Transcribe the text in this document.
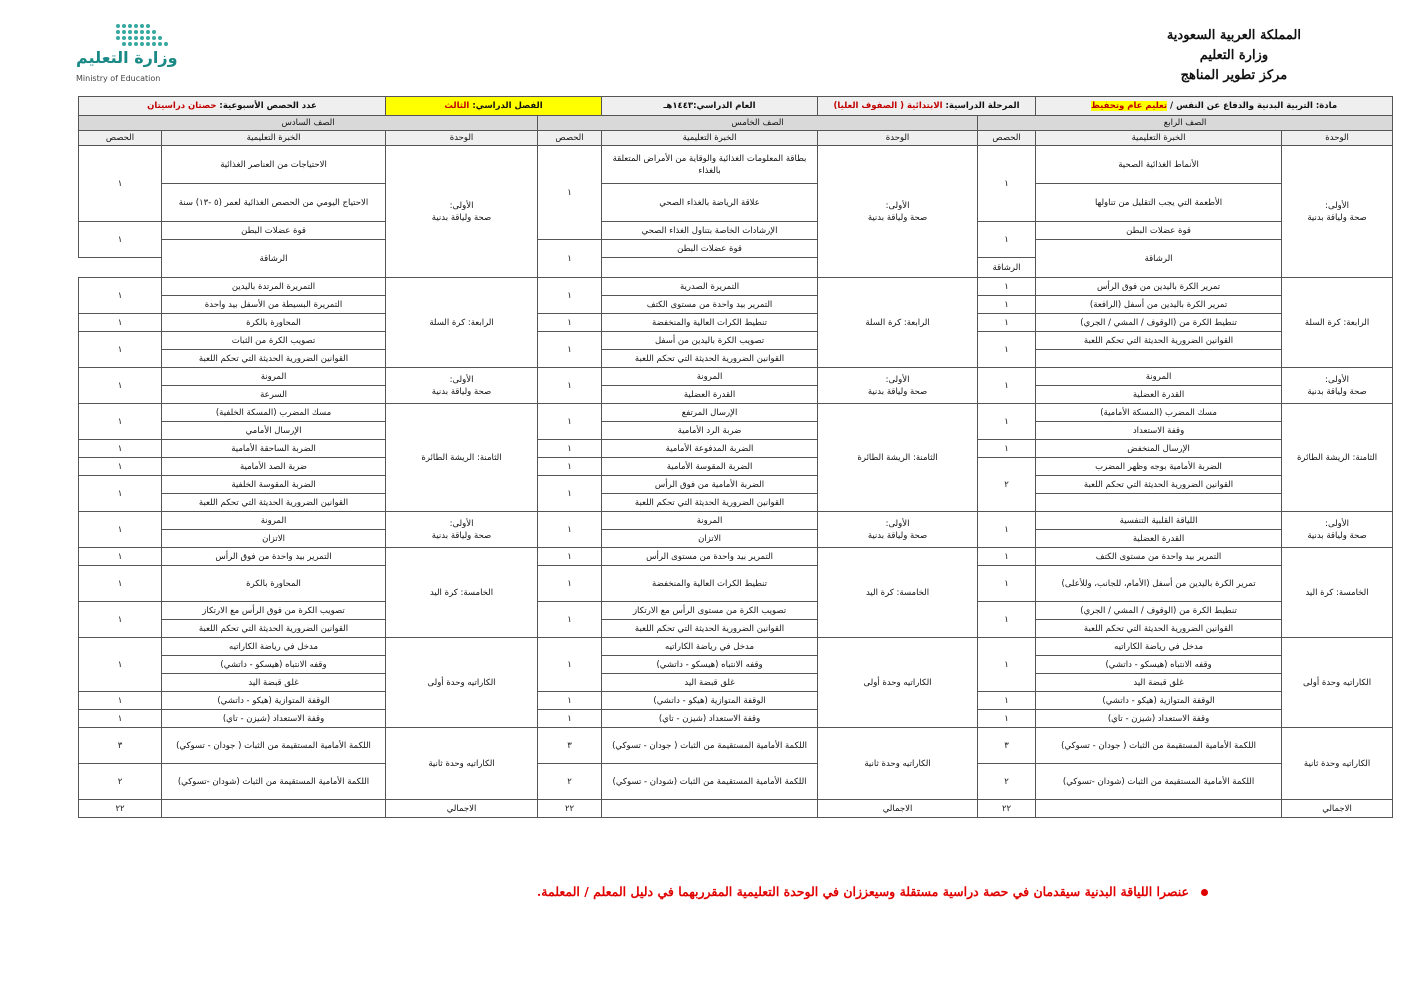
المملكة العربية السعودية
وزارة التعليم
مركز تطوير المناهج
وزارة التعليم
Ministry of Education
مادة: التربية البدنية والدفاع عن النفس / تعليم عام وتحفيظ		المرحلة الدراسية: الابتدائية ( الصفوف العليا)		العام الدراسي:١٤٤٣هـ	الفصل الدراسي: الثالث		عدد الحصص الأسبوعية: حصتان دراسيتان	
الصف الرابع			الصف الخامس			الصف السادس		
الوحدة	الخبرة التعليمية	الحصص	الوحدة	الخبرة التعليمية	الحصص	الوحدة	الخبرة التعليمية	الحصص
الأولى:
صحة ولياقة بدنية	الأنماط الغذائية الصحية	١	الأولى:
صحة ولياقة بدنية	بطاقة المعلومات الغذائية والوقاية من الأمراض المتعلقة بالغذاء	١	الأولى:
صحة ولياقة بدنية	الاحتياجات من العناصر الغذائية	١
	الأطعمة التي يجب التقليل من تناولها			علاقة الرياضة بالغذاء الصحي			الاحتياج اليومي من الحصص الغذائية لعمر (٥ -١٣) سنة	
	قوة عضلات البطن	١		الإرشادات الخاصة بتناول الغذاء الصحي			قوة عضلات البطن	١
	الرشاقة			قوة عضلات البطن	١		الرشاقة	
		الرشاقة						
الرابعة: كرة السلة	تمرير الكرة باليدين من فوق الرأس	١	الرابعة: كرة السلة	التمريرة الصدرية	١	الرابعة: كرة السلة	التمريرة المرتدة باليدين	١
	تمرير الكرة باليدين من أسفل (الرافعة)	١		التمرير بيد واحدة من مستوى الكتف			التمريرة البسيطة من الأسفل بيد واحدة	
	تنطيط الكرة من (الوقوف / المشي / الجري)	١		تنطيط الكرات العالية والمنخفضة	١		المحاورة بالكرة	١
	القوانين الضرورية الحديثة التي تحكم اللعبة	١		تصويب الكرة باليدين من أسفل	١		تصويب الكرة من الثبات	١
				القوانين الضرورية الحديثة التي تحكم اللعبة			القوانين الضرورية الحديثة التي تحكم اللعبة	
الأولى:
صحة ولياقة بدنية	المرونة	١	الأولى:
صحة ولياقة بدنية	المرونة	١	الأولى:
صحة ولياقة بدنية	المرونة	١
	القدرة العضلية			القدرة العضلية			السرعة	
الثامنة: الريشة الطائرة	مسك المضرب (المسكة الأمامية)	١	الثامنة: الريشة الطائرة	الإرسال المرتفع	١	الثامنة: الريشة الطائرة	مسك المضرب (المسكة الخلفية)	١
	وقفة الاستعداد			ضربة الرد الأمامية			الإرسال الأمامي	
	الإرسال المنخفض	١		الضربة المدفوعة الأمامية	١		الضربة الساحقة الأمامية	١
	الضربة الأمامية بوجه وظهر المضرب	٢		الضربة المقوسة الأمامية	١		ضربة الصد الأمامية	١
	القوانين الضرورية الحديثة التي تحكم اللعبة			الضربة الأمامية من فوق الرأس	١		الضربة المقوسة الخلفية	١
				القوانين الضرورية الحديثة التي تحكم اللعبة			القوانين الضرورية الحديثة التي تحكم اللعبة	
الأولى:
صحة ولياقة بدنية	اللياقة القلبية التنفسية	١	الأولى:
صحة ولياقة بدنية	المرونة	١	الأولى:
صحة ولياقة بدنية	المرونة	١
	القدرة العضلية			الاتزان			الاتزان	
الخامسة: كرة اليد	التمرير بيد واحدة من مستوى الكتف	١	الخامسة: كرة اليد	التمرير بيد واحدة من مستوى الرأس	١	الخامسة: كرة اليد	التمرير بيد واحدة من فوق الرأس	١
	تمرير الكرة باليدين من أسفل (الأمام، للجانب، وللأعلى)	١		تنطيط الكرات العالية والمنخفضة	١		المحاورة بالكرة	١
	تنطيط الكرة من (الوقوف / المشي / الجري)	١		تصويب الكرة من مستوى الرأس مع الارتكاز	١		تصويب الكرة من فوق الرأس مع الارتكاز	١
	القوانين الضرورية الحديثة التي تحكم اللعبة			القوانين الضرورية الحديثة التي تحكم اللعبة			القوانين الضرورية الحديثة التي تحكم اللعبة	
الكاراتيه وحدة أولى	مدخل في رياضة الكاراتيه	١	الكاراتيه وحدة أولى	مدخل في رياضة الكاراتيه	١	الكاراتيه وحدة أولى	مدخل في رياضة الكاراتيه	١
	وقفه الانتباه (هيسكو - داتشي)			وقفه الانتباه (هيسكو - داتشي)			وقفه الانتباه (هيسكو - داتشي)	
	غلق قبضة اليد			غلق قبضة اليد			غلق قبضة اليد	
	الوقفة المتوازية (هيكو - داتشي)	١		الوقفة المتوازية (هيكو - داتشي)	١		الوقفة المتوازية (هيكو - داتشي)	١
	وقفة الاستعداد (شيزن - تاي)	١		وقفة الاستعداد (شيزن - تاي)	١		وقفة الاستعداد (شيزن - تاي)	١
الكاراتيه وحدة ثانية	اللكمة الأمامية المستقيمة من الثبات ( جودان - تسوكي)	٣	الكاراتيه وحدة ثانية	اللكمة الأمامية المستقيمة من الثبات ( جودان - تسوكي)	٣	الكاراتيه وحدة ثانية	اللكمة الأمامية المستقيمة من الثبات ( جودان - تسوكي)	٣
	اللكمة الأمامية المستقيمة من الثبات (شودان -تسوكي)	٢		اللكمة الأمامية المستقيمة من الثبات (شودان - تسوكي)	٢		اللكمة الأمامية المستقيمة من الثبات (شودان -تسوكي)	٢
الاجمالي		٢٢	الاجمالي		٢٢	الاجمالي		٢٢
عنصرا اللياقة البدنية سيقدمان في حصة دراسية مستقلة وسيعززان في الوحدة التعليمية المقرربهما في دليل المعلم / المعلمة.
